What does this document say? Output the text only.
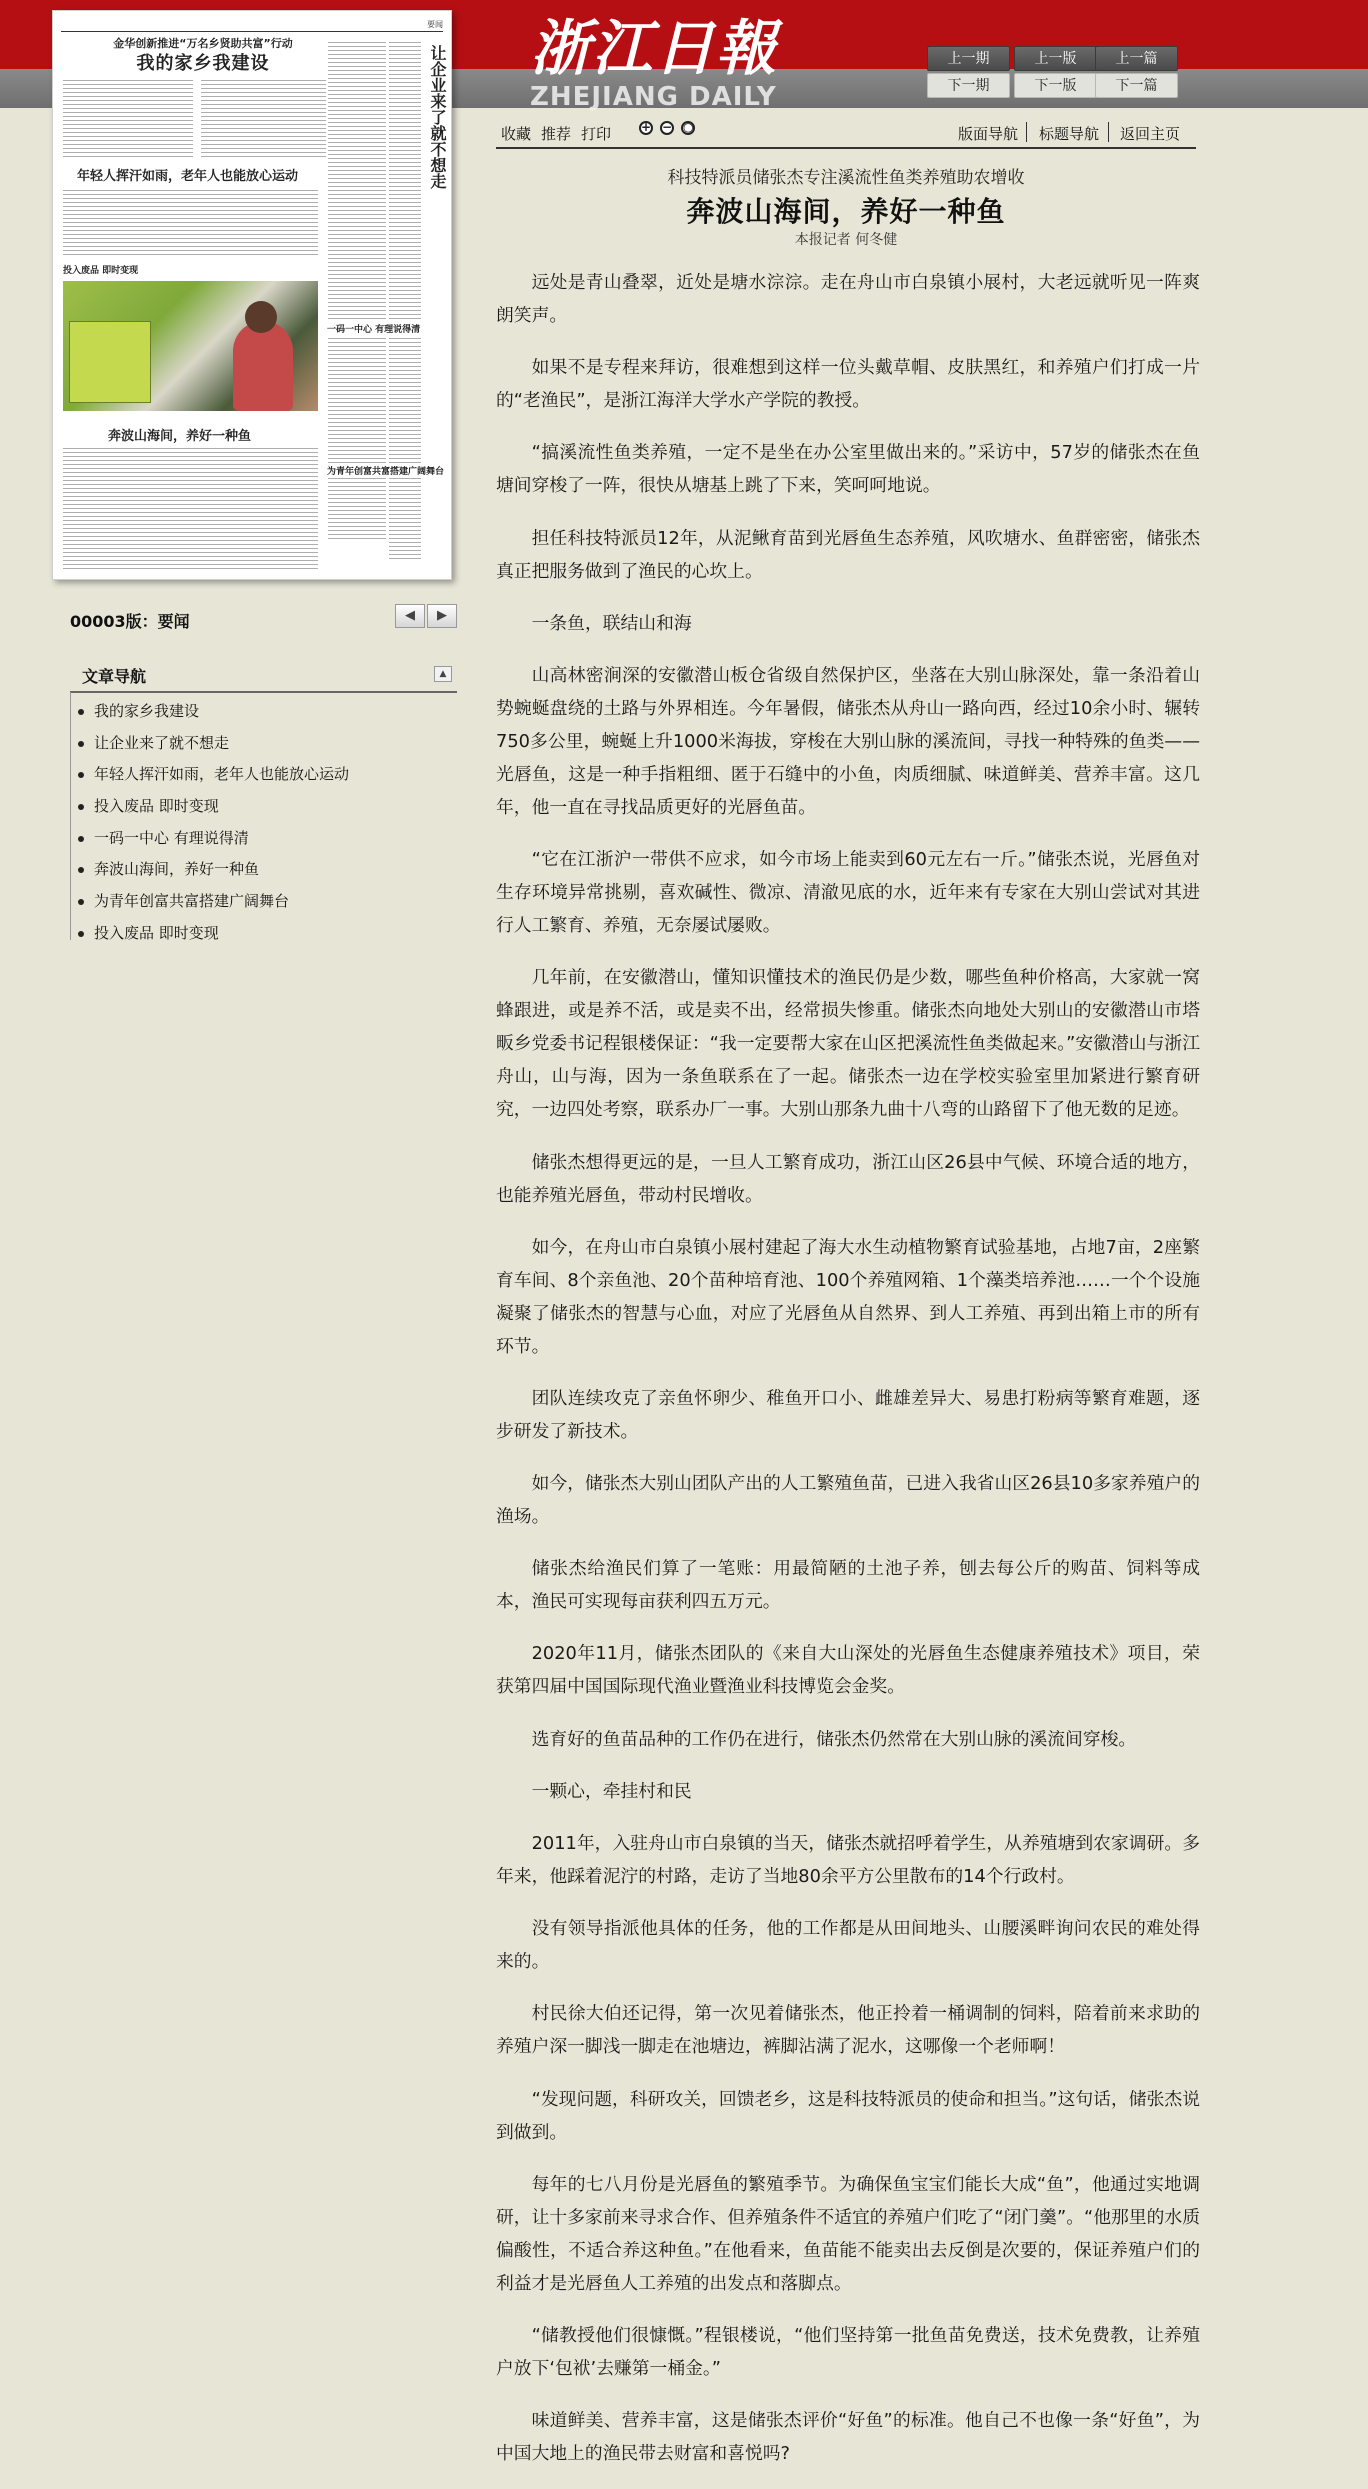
浙江日報
ZHEJIANG DAILY
上一期	上一版	上一篇
下一期	下一版	下一篇
要闻
金华创新推进“万名乡贤助共富”行动
我的家乡我建设	让企业来了就不想走
年轻人挥汗如雨，老年人也能放心运动
投入废品 即时变现
一码一中心 有理说得清
奔波山海间，养好一种鱼
为青年创富共富搭建广阔舞台
00003版：要闻	◀	▶
文章导航	▲
我的家乡我建设
让企业来了就不想走
年轻人挥汗如雨，老年人也能放心运动
投入废品 即时变现
一码一中心 有理说得清
奔波山海间，养好一种鱼
为青年创富共富搭建广阔舞台
投入废品 即时变现
收藏 推荐 打印 + − ○	版面导航 标题导航 返回主页
科技特派员储张杰专注溪流性鱼类养殖助农增收
奔波山海间，养好一种鱼
本报记者 何冬健

远处是青山叠翠，近处是塘水淙淙。走在舟山市白泉镇小展村，大老远就听见一阵爽朗笑声。

如果不是专程来拜访，很难想到这样一位头戴草帽、皮肤黑红，和养殖户们打成一片的“老渔民”，是浙江海洋大学水产学院的教授。

“搞溪流性鱼类养殖，一定不是坐在办公室里做出来的。”采访中，57岁的储张杰在鱼塘间穿梭了一阵，很快从塘基上跳了下来，笑呵呵地说。

担任科技特派员12年，从泥鳅育苗到光唇鱼生态养殖，风吹塘水、鱼群密密，储张杰真正把服务做到了渔民的心坎上。

一条鱼，联结山和海

山高林密涧深的安徽潜山板仓省级自然保护区，坐落在大别山脉深处，靠一条沿着山势蜿蜒盘绕的土路与外界相连。今年暑假，储张杰从舟山一路向西，经过10余小时、辗转750多公里，蜿蜒上升1000米海拔，穿梭在大别山脉的溪流间，寻找一种特殊的鱼类——光唇鱼，这是一种手指粗细、匿于石缝中的小鱼，肉质细腻、味道鲜美、营养丰富。这几年，他一直在寻找品质更好的光唇鱼苗。

“它在江浙沪一带供不应求，如今市场上能卖到60元左右一斤。”储张杰说，光唇鱼对生存环境异常挑剔，喜欢碱性、微凉、清澈见底的水，近年来有专家在大别山尝试对其进行人工繁育、养殖，无奈屡试屡败。

几年前，在安徽潜山，懂知识懂技术的渔民仍是少数，哪些鱼种价格高，大家就一窝蜂跟进，或是养不活，或是卖不出，经常损失惨重。储张杰向地处大别山的安徽潜山市塔畈乡党委书记程银楼保证：“我一定要帮大家在山区把溪流性鱼类做起来。”安徽潜山与浙江舟山，山与海，因为一条鱼联系在了一起。储张杰一边在学校实验室里加紧进行繁育研究，一边四处考察，联系办厂一事。大别山那条九曲十八弯的山路留下了他无数的足迹。

储张杰想得更远的是，一旦人工繁育成功，浙江山区26县中气候、环境合适的地方，也能养殖光唇鱼，带动村民增收。

如今，在舟山市白泉镇小展村建起了海大水生动植物繁育试验基地，占地7亩，2座繁育车间、8个亲鱼池、20个苗种培育池、100个养殖网箱、1个藻类培养池……一个个设施凝聚了储张杰的智慧与心血，对应了光唇鱼从自然界、到人工养殖、再到出箱上市的所有环节。

团队连续攻克了亲鱼怀卵少、稚鱼开口小、雌雄差异大、易患打粉病等繁育难题，逐步研发了新技术。

如今，储张杰大别山团队产出的人工繁殖鱼苗，已进入我省山区26县10多家养殖户的渔场。

储张杰给渔民们算了一笔账：用最简陋的土池子养，刨去每公斤的购苗、饲料等成本，渔民可实现每亩获利四五万元。

2020年11月，储张杰团队的《来自大山深处的光唇鱼生态健康养殖技术》项目，荣获第四届中国国际现代渔业暨渔业科技博览会金奖。

选育好的鱼苗品种的工作仍在进行，储张杰仍然常在大别山脉的溪流间穿梭。

一颗心，牵挂村和民

2011年，入驻舟山市白泉镇的当天，储张杰就招呼着学生，从养殖塘到农家调研。多年来，他踩着泥泞的村路，走访了当地80余平方公里散布的14个行政村。

没有领导指派他具体的任务，他的工作都是从田间地头、山腰溪畔询问农民的难处得来的。

村民徐大伯还记得，第一次见着储张杰，他正拎着一桶调制的饲料，陪着前来求助的养殖户深一脚浅一脚走在池塘边，裤脚沾满了泥水，这哪像一个老师啊！

“发现问题，科研攻关，回馈老乡，这是科技特派员的使命和担当。”这句话，储张杰说到做到。

每年的七八月份是光唇鱼的繁殖季节。为确保鱼宝宝们能长大成“鱼”，他通过实地调研，让十多家前来寻求合作、但养殖条件不适宜的养殖户们吃了“闭门羹”。“他那里的水质偏酸性，不适合养这种鱼。”在他看来，鱼苗能不能卖出去反倒是次要的，保证养殖户们的利益才是光唇鱼人工养殖的出发点和落脚点。

“储教授他们很慷慨。”程银楼说，“他们坚持第一批鱼苗免费送，技术免费教，让养殖户放下‘包袱’去赚第一桶金。”

味道鲜美、营养丰富，这是储张杰评价“好鱼”的标准。他自己不也像一条“好鱼”，为中国大地上的渔民带去财富和喜悦吗?
